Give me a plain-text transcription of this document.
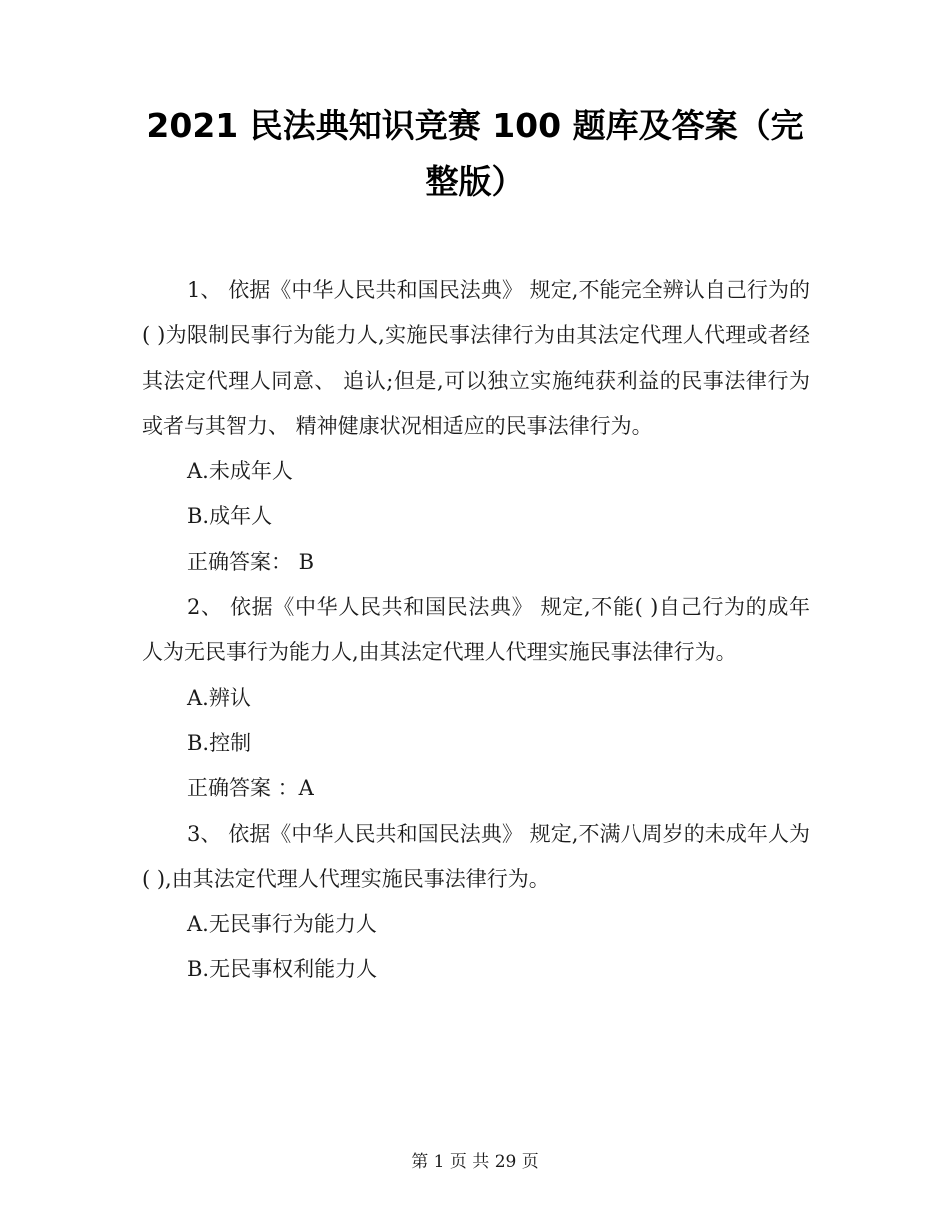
2021 民法典知识竞赛 100 题库及答案（完整版）

1、 依据《中华人民共和国民法典》 规定,不能完全辨认自己行为的( )为限制民事行为能力人,实施民事法律行为由其法定代理人代理或者经其法定代理人同意、 追认;但是,可以独立实施纯获利益的民事法律行为或者与其智力、 精神健康状况相适应的民事法律行为。

A.未成年人

B.成年人

正确答案： B

2、 依据《中华人民共和国民法典》 规定,不能( )自己行为的成年人为无民事行为能力人,由其法定代理人代理实施民事法律行为。

A.辨认

B.控制

正确答案 ：A

3、 依据《中华人民共和国民法典》 规定,不满八周岁的未成年人为( ),由其法定代理人代理实施民事法律行为。

A.无民事行为能力人

B.无民事权利能力人

第 1 页 共 29 页
